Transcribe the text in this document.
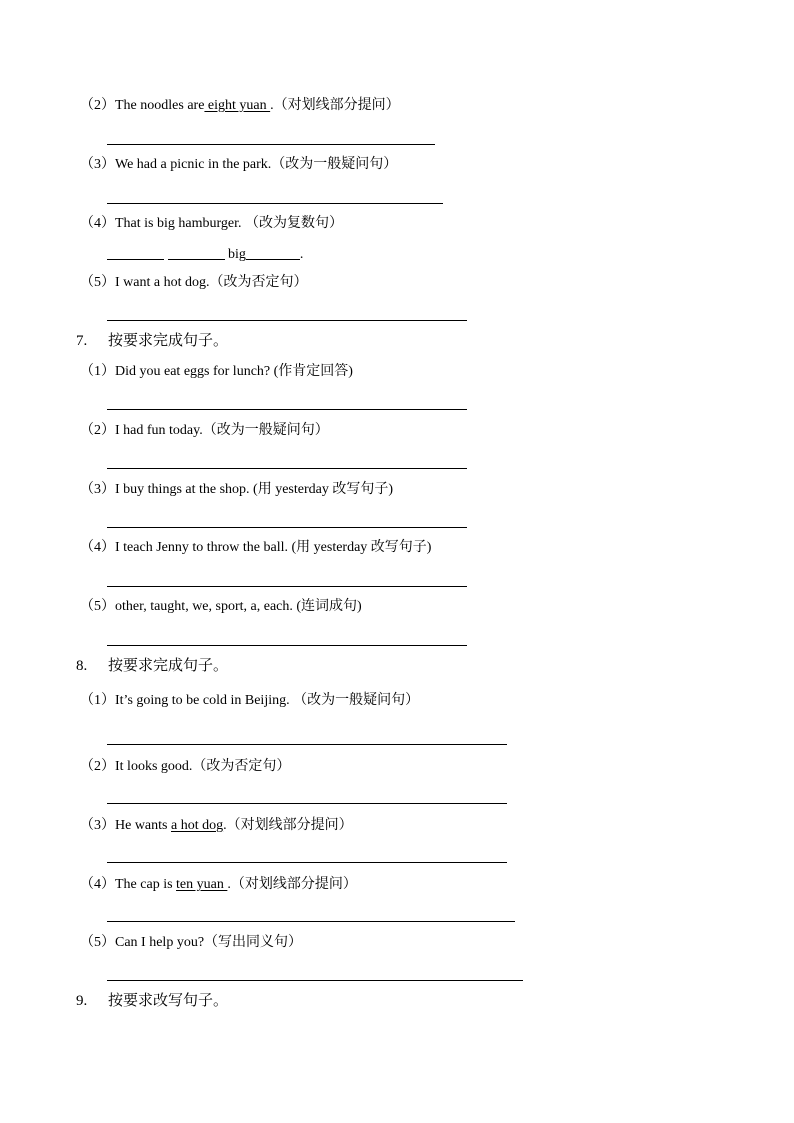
（2）The noodles are eight yuan .（对划线部分提问）
（3）We had a picnic in the park.（改为一般疑问句）
（4）That is big hamburger. （改为复数句）
big	.
（5）I want a hot dog.（改为否定句）
7. 按要求完成句子。
（1）Did you eat eggs for lunch? (作肯定回答)
（2）I had fun today.（改为一般疑问句）
（3）I buy things at the shop. (用 yesterday 改写句子)
（4）I teach Jenny to throw the ball. (用 yesterday 改写句子)
（5）other, taught, we, sport, a, each. (连词成句)
8. 按要求完成句子。
（1）It’s going to be cold in Beijing. （改为一般疑问句）
（2）It looks good.（改为否定句）
（3）He wants a hot dog.（对划线部分提问）
（4）The cap is ten yuan .（对划线部分提问）
（5）Can I help you?（写出同义句）
9. 按要求改写句子。
